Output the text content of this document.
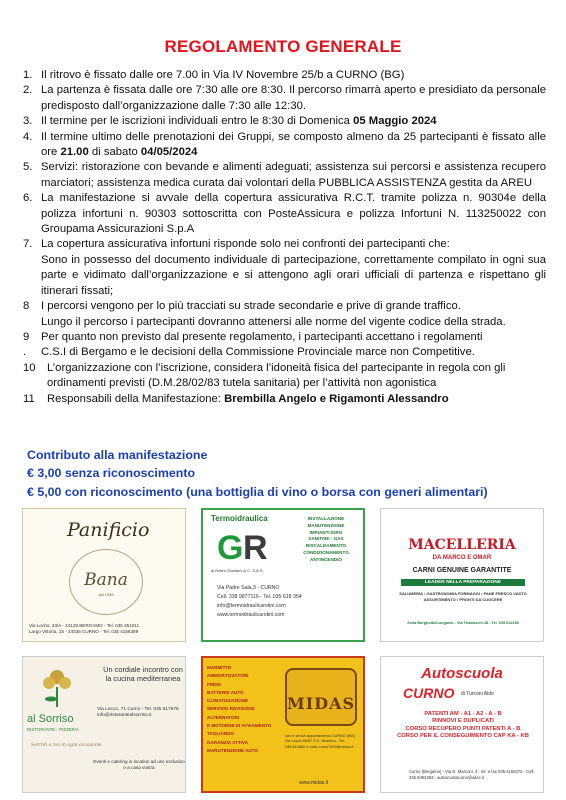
REGOLAMENTO GENERALE
1. Il ritrovo è fissato dalle ore 7.00 in Via IV Novembre 25/b a CURNO (BG)
2. La partenza è fissata dalle ore 7:30 alle ore 8:30. Il percorso rimarrà aperto e presidiato da personale predisposto dall’organizzazione dalle 7:30 alle 12:30.
3. Il termine per le iscrizioni individuali entro le 8:30 di Domenica 05 Maggio 2024
4. Il termine ultimo delle prenotazioni dei Gruppi, se composto almeno da 25 partecipanti è fissato alle ore 21.00 di sabato 04/05/2024
5. Servizi: ristorazione con bevande e alimenti adeguati; assistenza sui percorsi e assistenza recupero marciatori; assistenza medica curata dai volontari della PUBBLICA ASSISTENZA gestita da AREU
6. La manifestazione si avvale della copertura assicurativa R.C.T. tramite polizza n. 90304e della polizza infortuni n. 90303 sottoscritta con PosteAssicura e polizza Infortuni N. 113250022 con Groupama Assicurazioni S.p.A
7. La copertura assicurativa infortuni risponde solo nei confronti dei partecipanti che:
Sono in possesso del documento individuale di partecipazione, correttamente compilato in ogni sua parte e vidimato dall’organizzazione e si attengono agli orari ufficiali di partenza e rispettano gli itinerari fissati;
8	I percorsi vengono per lo più tracciati su strade secondarie e prive di grande traffico.
Lungo il percorso i partecipanti dovranno attenersi alle norme del vigente codice della strada.
9	Per quanto non previsto dal presente regolamento, i partecipanti accettano i regolamenti
.	C.S.I di Bergamo e le decisioni della Commissione Provinciale marce non Competitive.
10	L’organizzazione con l’iscrizione, considera l’idoneità fisica del partecipante in regola con gli
ordinamenti previsti (D.M.28/02/83 tutela sanitaria) per l’attività non agonistica
11	Responsabili della Manifestazione: Brembilla Angelo e Rigamonti Alessandro
Contributo alla manifestazione
€ 3,00 senza riconoscimento
€ 5,00 con riconoscimento (una bottiglia di vino o borsa con generi alimentari)
Panificio
Bana
dal 1945
Via Locho, 33/A - 24129 BERGAMO - Tel. 035 251011
Largo Vittoria, 15 - 24035 CURNO - Tel. 035 4156389
Termoidraulica
G R
di Rotini Giovanni & C. S.A.S.
INSTALLAZIONE
MANUTENZIONE
IMPIANTI IDRO
SANITARI - GAS
RISCALDAMENTO
CONDIZIONAMENTO
ANTINCENDIO
Via Padre Sala,3 - CURNO
Cell. 338 9877116 - Tel. 035 618 354
info@termoidraulicarotini.com
www.termoidraulicarotini.com
MACELLERIA
DA MARCO E OMAR
CARNI GENUINE GARANTITE
LEADER NELLA PREPARAZIONE
SALUMERIA • GASTRONOMIA FORMAGGI • PANE FRESCO VASTO ASSORTIMENTO • PRONTI DA CUOCERE
Zona Borghetto/Longuelo - Via Tiraboschi 38 - Tel. 035 612180
Un cordiale incontro con la cucina mediterranea
al Sorriso
RISTORANTE - PIZZERIA
Via Lecco, 71 Curno - Tel. 035 617676 info@ristorantealsorriso.it
Sorridi a noi in ogni occasione
Eventi e catering in location ad uso esclusivo e a casa vostra
MARMITTE
AMMORTIZZATORI
FRENI
BATTERIE AUTO
CLIMATIZZAZIONE
SERVIZIO REVISIONE
ALTERNATORI
E MOTORINI DI AVVIAMENTO
TAGLIANDO
GARANZIA ATTIVA
MANUTENZIONE AUTO
MIDAS
con e senza appuntamento CURNO (BG) Via Lecco 65/67 S.S. Briantea - Tel. 035.610882 e-mail: curno7029@midas.it
www.midas.it
Autoscuola
CURNO di Turconi Aldo
PATENTI AM - A1 - A2 - A - B
RINNOVI E DUPLICATI
CORSO RECUPERO PUNTI PATENTI A - B
CORSO PER IL CONSEGUIMENTO CAP KA - KB
Curno (Bergamo) - Via G. Marconi, 4 - tel. e fax 035 4156372 - Cell. 345 8462263 - autoscuolacurno@alice.it
